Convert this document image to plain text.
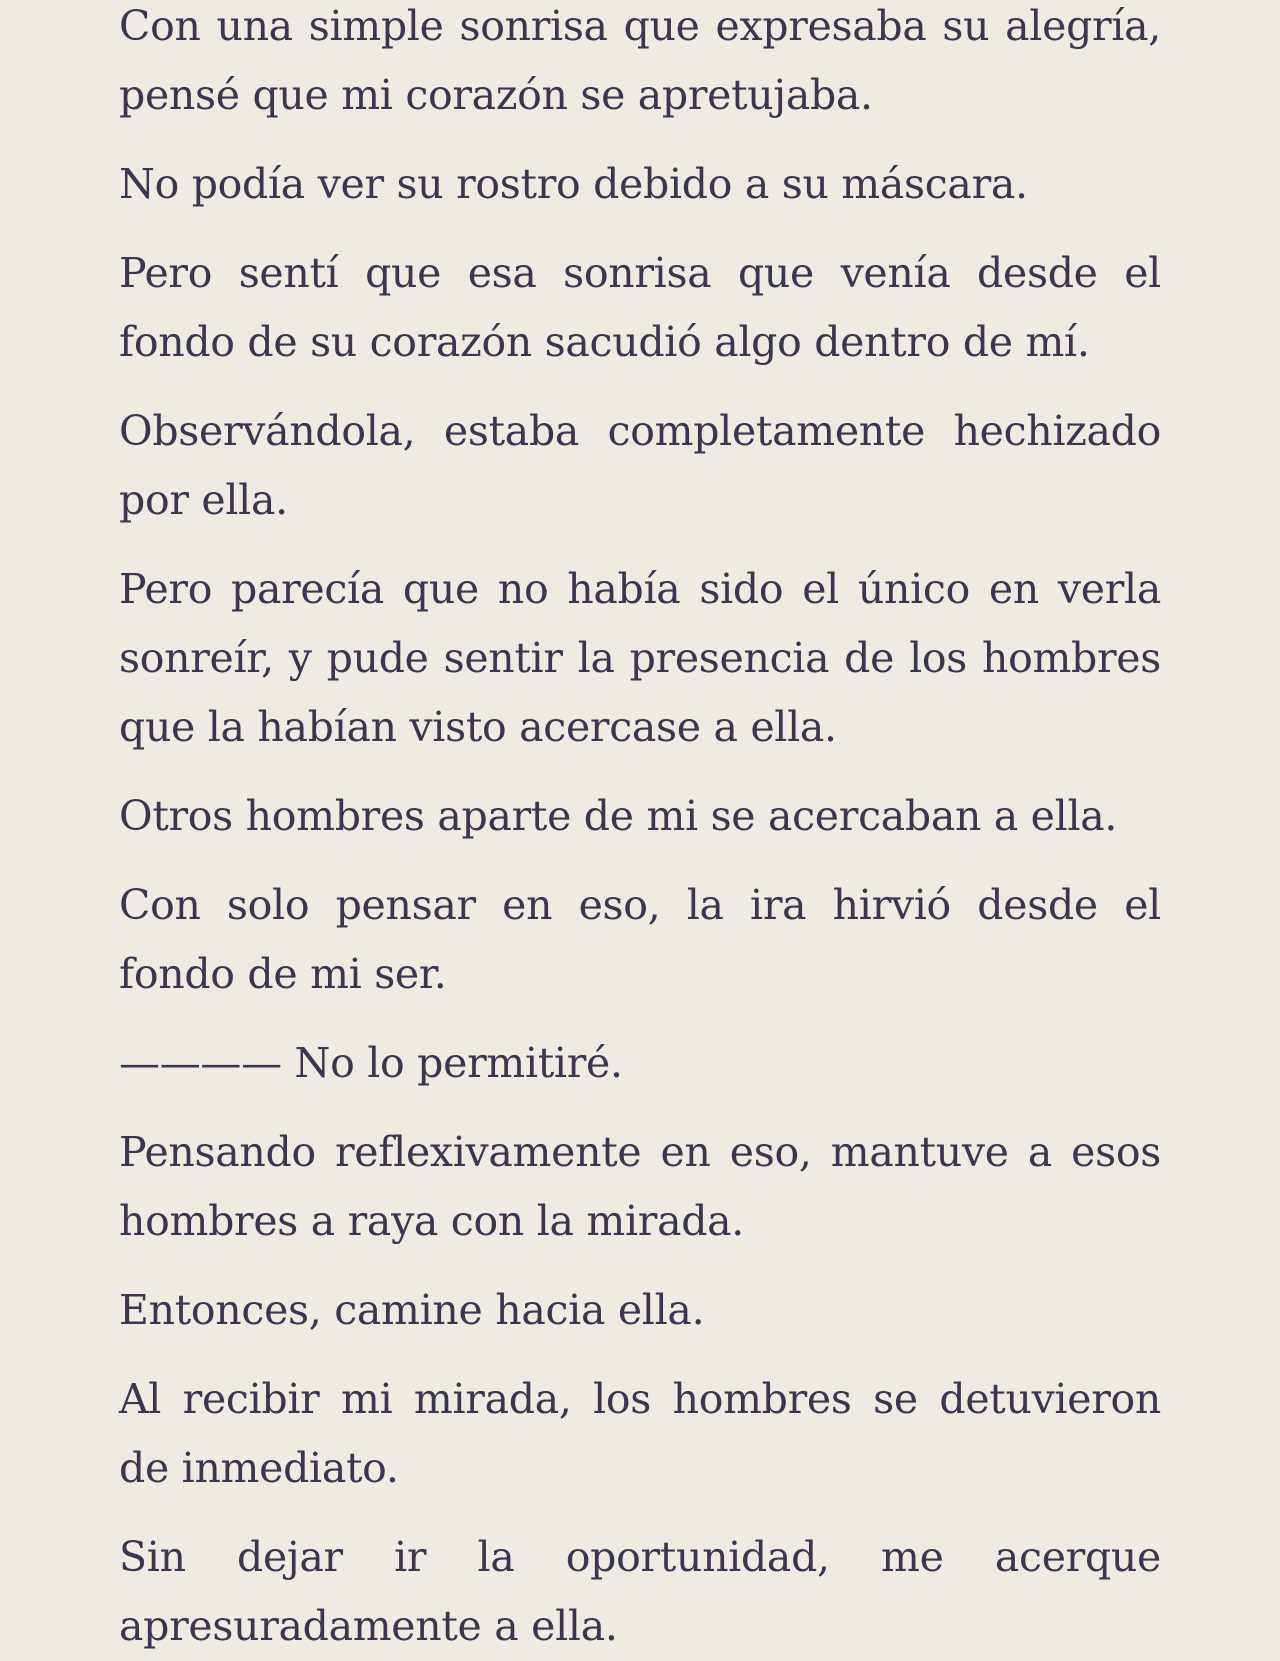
Con una simple sonrisa que expresaba su alegría, pensé que mi corazón se apretujaba.

No podía ver su rostro debido a su máscara.

Pero sentí que esa sonrisa que venía desde el fondo de su corazón sacudió algo dentro de mí.

Observándola, estaba completamente hechizado por ella.

Pero parecía que no había sido el único en verla sonreír, y pude sentir la presencia de los hombres que la habían visto acercase a ella.

Otros hombres aparte de mi se acercaban a ella.

Con solo pensar en eso, la ira hirvió desde el fondo de mi ser.

———— No lo permitiré.

Pensando reflexivamente en eso, mantuve a esos hombres a raya con la mirada.

Entonces, camine hacia ella.

Al recibir mi mirada, los hombres se detuvieron de inmediato.

Sin dejar ir la oportunidad, me acerque apresuradamente a ella.
